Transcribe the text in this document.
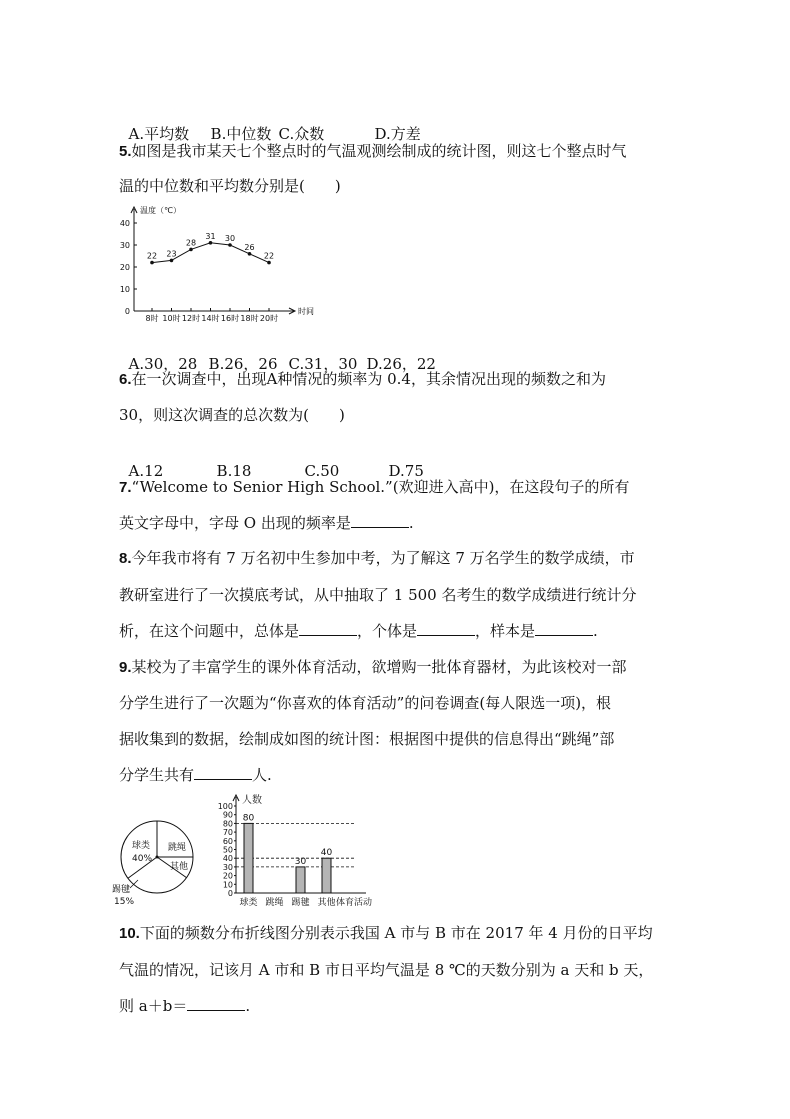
A.平均数 B.中位数 C.众数	D.方差

5.如图是我市某天七个整点时的气温观测绘制成的统计图，则这七个整点时气
温的中位数和平均数分别是(　　)
温度（℃）
时间
0
10
20
30
40
22
8时
23
10时
28
12时
31
14时
30
16时
26
18时
22
20时

A.30，28 B.26，26 C.31，30 D.26，22

6.在一次调查中，出现A种情况的频率为 0.4，其余情况出现的频数之和为
30，则这次调查的总次数为(　　)

A.12	B.18	C.50	D.75

7.“Welcome to Senior High School.”(欢迎进入高中)，在这段句子的所有
英文字母中，字母 O 出现的频率是	.
8.今年我市将有 7 万名初中生参加中考，为了解这 7 万名学生的数学成绩，市
教研室进行了一次摸底考试，从中抽取了 1 500 名考生的数学成绩进行统计分
析，在这个问题中，总体是	，个体是	，样本是	.
9.某校为了丰富学生的课外体育活动，欲增购一批体育器材，为此该校对一部
分学生进行了一次题为“你喜欢的体育活动”的问卷调查(每人限选一项)，根
据收集到的数据，绘制成如图的统计图：根据图中提供的信息得出“跳绳”部
分学生共有	人.
球类
40%
跳绳
其他
踢毽
15%
人数
0
10
20
30
40
50
60
70
80
90
100
80
球类 跳绳
30
踢毽
40
其他 体育活动
10.下面的频数分布折线图分别表示我国 A 市与 B 市在 2017 年 4 月份的日平均
气温的情况，记该月 A 市和 B 市日平均气温是 8 ℃的天数分别为 a 天和 b 天，
则 a＋b＝	.
